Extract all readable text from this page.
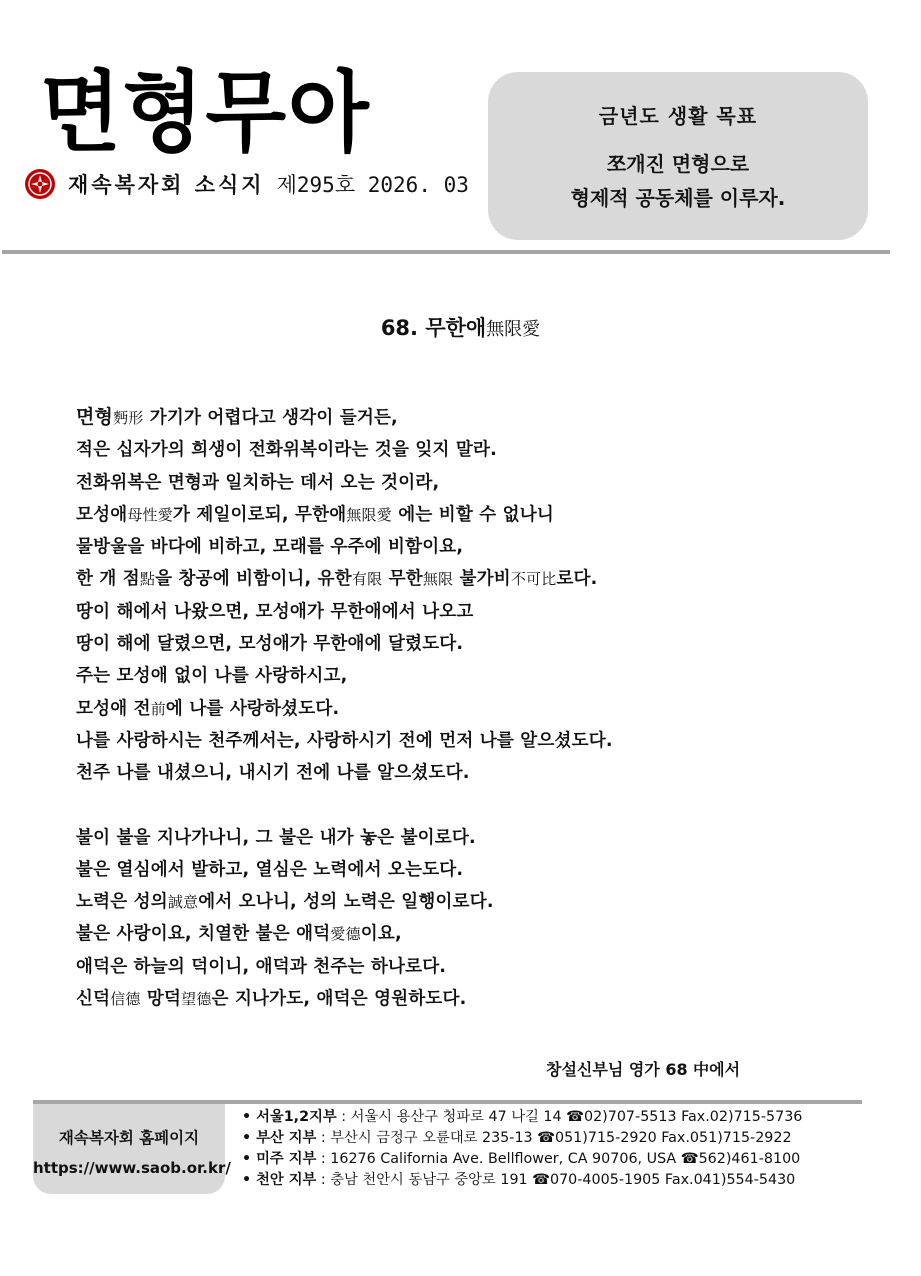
면형무아
재속복자회 소식지 제295호 2026. 03
금년도 생활 목표
쪼개진 면형으로
형제적 공동체를 이루자.
68. 무한애無限愛
면형麪形 가기가 어렵다고 생각이 들거든,
적은 십자가의 희생이 전화위복이라는 것을 잊지 말라.
전화위복은 면형과 일치하는 데서 오는 것이라,
모성애母性愛가 제일이로되, 무한애無限愛 에는 비할 수 없나니
물방울을 바다에 비하고, 모래를 우주에 비함이요,
한 개 점點을 창공에 비함이니, 유한有限 무한無限 불가비不可比로다.
땅이 해에서 나왔으면, 모성애가 무한애에서 나오고
땅이 해에 달렸으면, 모성애가 무한애에 달렸도다.
주는 모성애 없이 나를 사랑하시고,
모성애 전前에 나를 사랑하셨도다.
나를 사랑하시는 천주께서는, 사랑하시기 전에 먼저 나를 알으셨도다.
천주 나를 내셨으니, 내시기 전에 나를 알으셨도다.
불이 불을 지나가나니, 그 불은 내가 놓은 불이로다.
불은 열심에서 발하고, 열심은 노력에서 오는도다.
노력은 성의誠意에서 오나니, 성의 노력은 일행이로다.
불은 사랑이요, 치열한 불은 애덕愛德이요,
애덕은 하늘의 덕이니, 애덕과 천주는 하나로다.
신덕信德 망덕望德은 지나가도, 애덕은 영원하도다.
창설신부님 영가 68 中에서
재속복자회 홈페이지
https://www.saob.or.kr/
• 서울1,2지부 : 서울시 용산구 청파로 47 나길 14 ☎02)707-5513 Fax.02)715-5736
• 부산 지부 : 부산시 금정구 오륜대로 235-13 ☎051)715-2920 Fax.051)715-2922
• 미주 지부 : 16276 California Ave. Bellflower, CA 90706, USA ☎562)461-8100
• 천안 지부 : 충남 천안시 동남구 중앙로 191 ☎070-4005-1905 Fax.041)554-5430
